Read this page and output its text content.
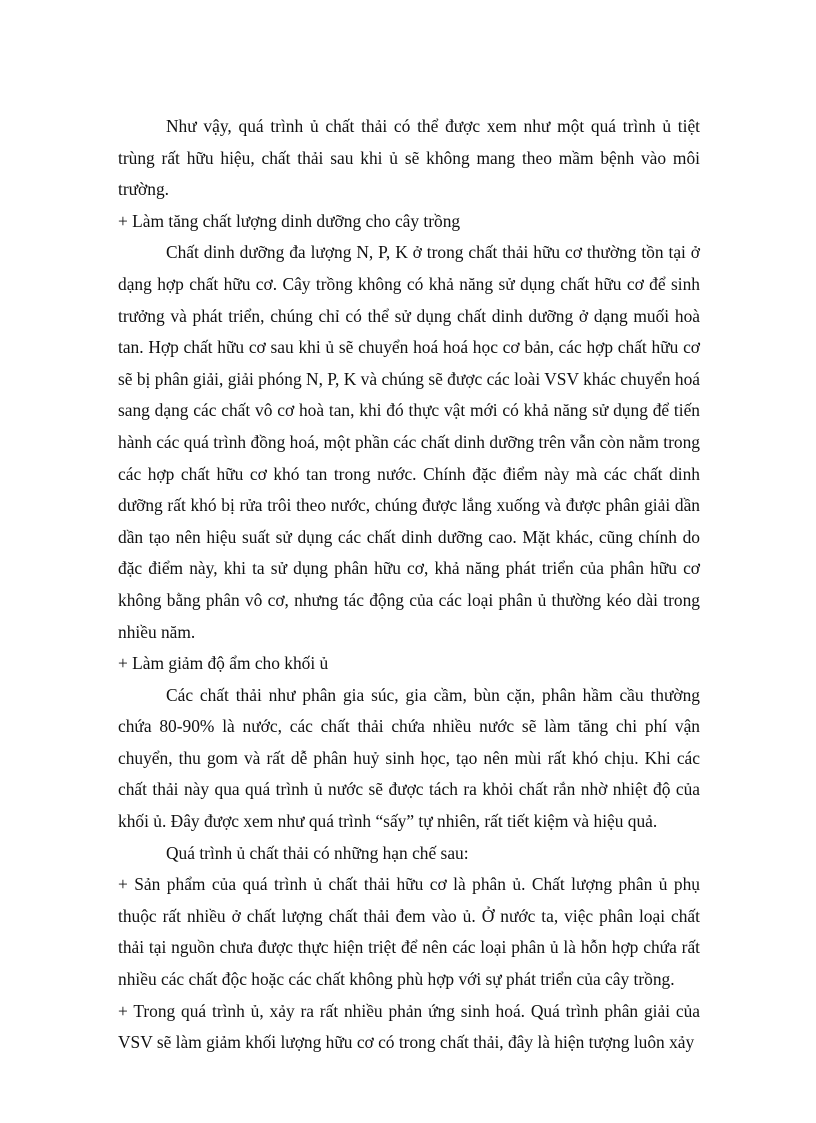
Như vậy, quá trình ủ chất thải có thể được xem như một quá trình ủ tiệt trùng rất hữu hiệu, chất thải sau khi ủ sẽ không mang theo mầm bệnh vào môi trường.

+ Làm tăng chất lượng dinh dưỡng cho cây trồng

Chất dinh dưỡng đa lượng N, P, K ở trong chất thải hữu cơ thường tồn tại ở dạng hợp chất hữu cơ. Cây trồng không có khả năng sử dụng chất hữu cơ để sinh trưởng và phát triển, chúng chỉ có thể sử dụng chất dinh dưỡng ở dạng muối hoà tan. Hợp chất hữu cơ sau khi ủ sẽ chuyển hoá hoá học cơ bản, các hợp chất hữu cơ sẽ bị phân giải, giải phóng N, P, K và chúng sẽ được các loài VSV khác chuyển hoá sang dạng các chất vô cơ hoà tan, khi đó thực vật mới có khả năng sử dụng để tiến hành các quá trình đồng hoá, một phần các chất dinh dưỡng trên vẫn còn nằm trong các hợp chất hữu cơ khó tan trong nước. Chính đặc điểm này mà các chất dinh dưỡng rất khó bị rửa trôi theo nước, chúng được lắng xuống và được phân giải dần dần tạo nên hiệu suất sử dụng các chất dinh dưỡng cao. Mặt khác, cũng chính do đặc điểm này, khi ta sử dụng phân hữu cơ, khả năng phát triển của phân hữu cơ không bằng phân vô cơ, nhưng tác động của các loại phân ủ thường kéo dài trong nhiều năm.

+ Làm giảm độ ẩm cho khối ủ

Các chất thải như phân gia súc, gia cầm, bùn cặn, phân hầm cầu thường chứa 80-90% là nước, các chất thải chứa nhiều nước sẽ làm tăng chi phí vận chuyển, thu gom và rất dễ phân huỷ sinh học, tạo nên mùi rất khó chịu. Khi các chất thải này qua quá trình ủ nước sẽ được tách ra khỏi chất rắn nhờ nhiệt độ của khối ủ. Đây được xem như quá trình “sấy” tự nhiên, rất tiết kiệm và hiệu quả.

Quá trình ủ chất thải có những hạn chế sau:

+ Sản phẩm của quá trình ủ chất thải hữu cơ là phân ủ. Chất lượng phân ủ phụ thuộc rất nhiều ở chất lượng chất thải đem vào ủ. Ở nước ta, việc phân loại chất thải tại nguồn chưa được thực hiện triệt để nên các loại phân ủ là hỗn hợp chứa rất nhiều các chất độc hoặc các chất không phù hợp với sự phát triển của cây trồng.

+ Trong quá trình ủ, xảy ra rất nhiều phản ứng sinh hoá. Quá trình phân giải của VSV sẽ làm giảm khối lượng hữu cơ có trong chất thải, đây là hiện tượng luôn xảy
